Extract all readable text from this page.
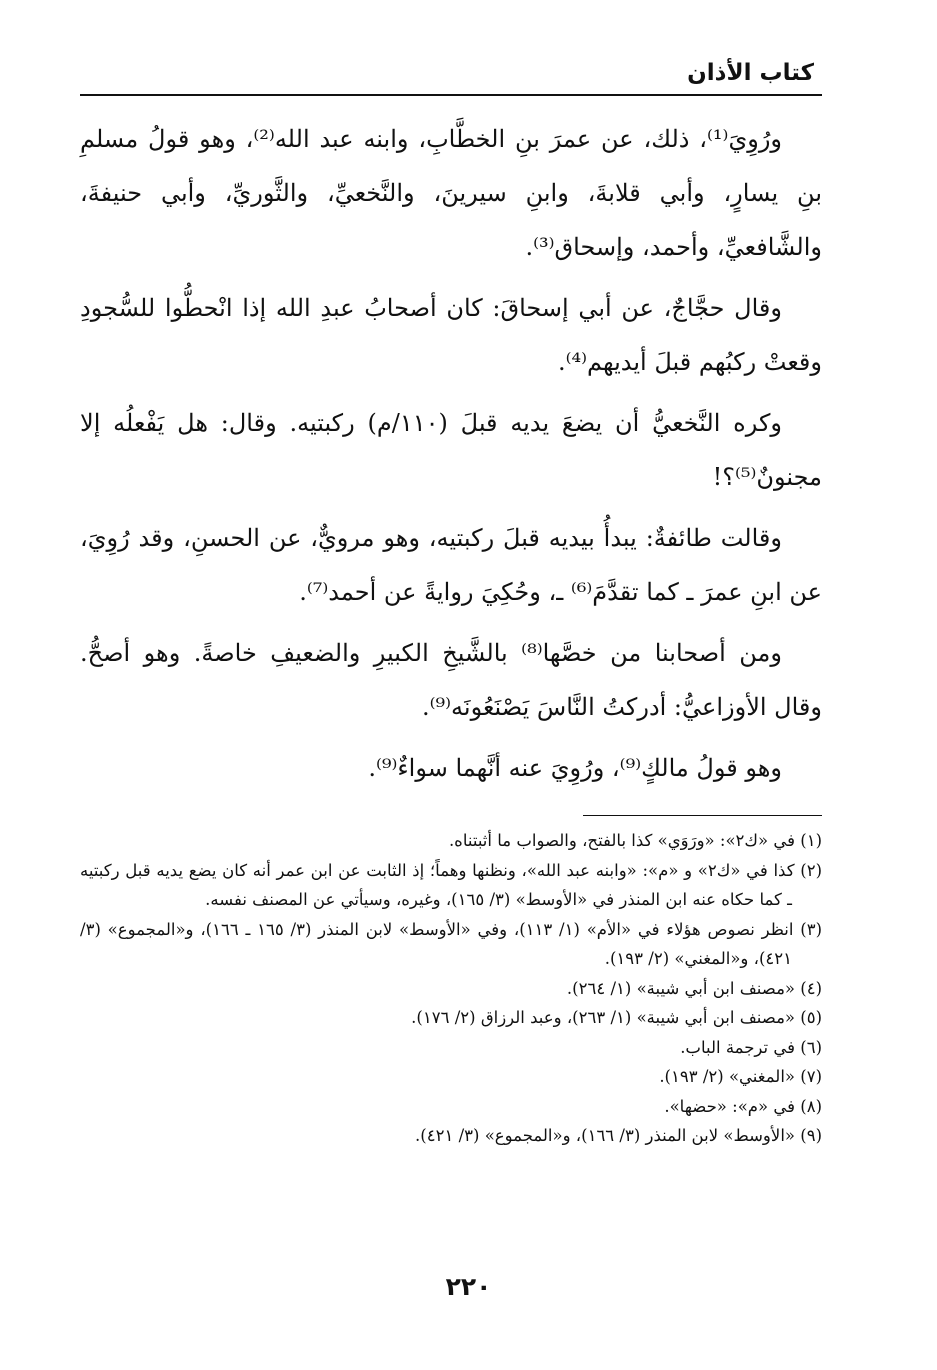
كتاب الأذان

ورُوِيَ⁽¹⁾، ذلك، عن عمرَ بنِ الخطَّابِ، وابنه عبد الله⁽²⁾، وهو قولُ مسلمِ بنِ يسارٍ، وأبي قلابةَ، وابنِ سيرينَ، والنَّخعيِّ، والثَّوريِّ، وأبي حنيفةَ، والشَّافعيِّ، وأحمد، وإسحاق⁽³⁾.

وقال حجَّاجٌ، عن أبي إسحاقَ: كان أصحابُ عبدِ الله إذا انْحطُّوا للسُّجودِ وقعتْ ركبُهم قبلَ أيديهم⁽⁴⁾.

وكره النَّخعيُّ أن يضعَ يديه قبلَ (١١٠/م) ركبتيه. وقال: هل يَفْعلُه إلا مجنونٌ⁽⁵⁾؟!

وقالت طائفةٌ: يبدأُ بيديه قبلَ ركبتيه، وهو مرويٌّ، عن الحسنِ، وقد رُوِيَ، عن ابنِ عمرَ ـ كما تقدَّمَ⁽⁶⁾ ـ، وحُكِيَ روايةً عن أحمد⁽⁷⁾.

ومن أصحابنا من خصَّها⁽⁸⁾ بالشَّيخِ الكبيرِ والضعيفِ خاصةً. وهو أصحُّ. وقال الأوزاعيُّ: أدركتُ النَّاسَ يَصْنَعُونَه⁽⁹⁾.

وهو قولُ مالكٍ⁽⁹⁾، ورُوِيَ عنه أنَّهما سواءٌ⁽⁹⁾.

(١) في «ك٢»: «ورَوَي» كذا بالفتح، والصواب ما أثبتناه.

(٢) كذا في «ك٢» و «م»: «وابنه عبد الله»، ونظنها وهماً؛ إذ الثابت عن ابن عمر أنه كان يضع يديه قبل ركبتيه ـ كما حكاه عنه ابن المنذر في «الأوسط» (٣/ ١٦٥)، وغيره، وسيأتي عن المصنف نفسه.

(٣) انظر نصوص هؤلاء في «الأم» (١/ ١١٣)، وفي «الأوسط» لابن المنذر (٣/ ١٦٥ ـ ١٦٦)، و«المجموع» (٣/ ٤٢١)، و«المغني» (٢/ ١٩٣).

(٤) «مصنف ابن أبي شيبة» (١/ ٢٦٤).

(٥) «مصنف ابن أبي شيبة» (١/ ٢٦٣)، وعبد الرزاق (٢/ ١٧٦).

(٦) في ترجمة الباب.

(٧) «المغني» (٢/ ١٩٣).

(٨) في «م»: «حضها».

(٩) «الأوسط» لابن المنذر (٣/ ١٦٦)، و«المجموع» (٣/ ٤٢١).

٢٢٠
